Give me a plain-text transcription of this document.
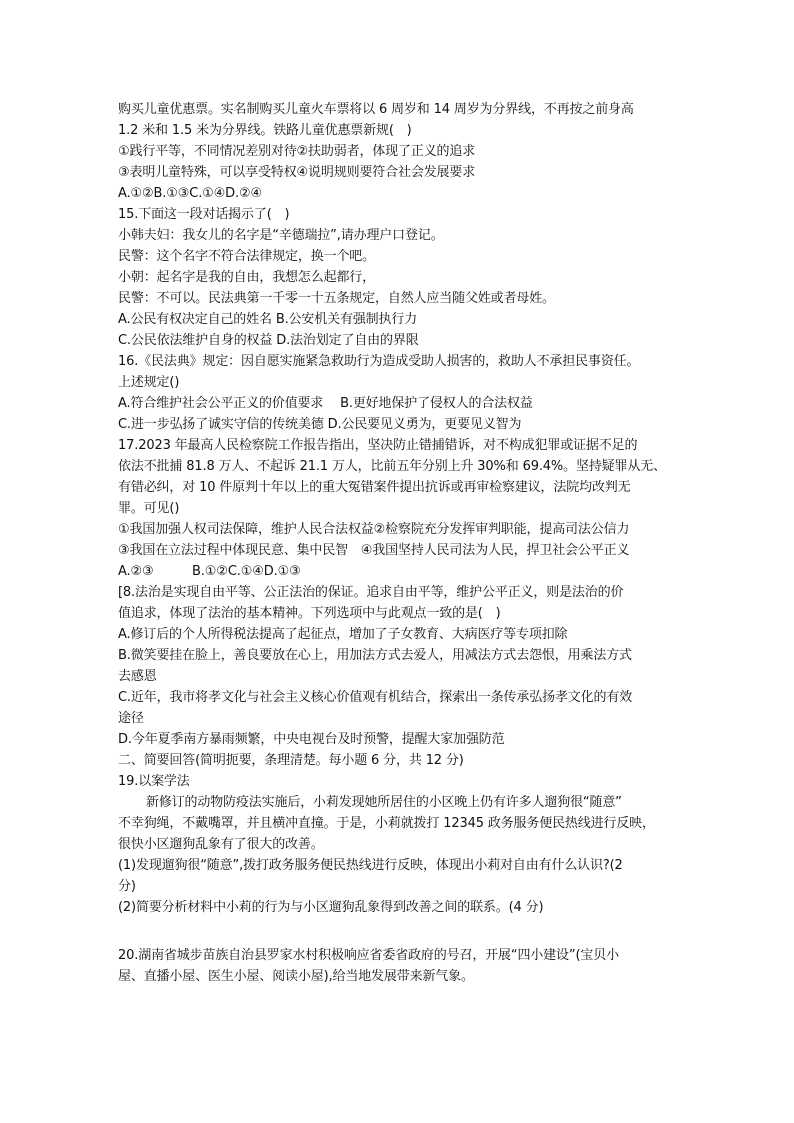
购买儿童优惠票。实名制购买儿童火车票将以 6 周岁和 14 周岁为分界线，不再按之前身高
1.2 米和 1.5 米为分界线。铁路儿童优惠票新规(　)
①践行平等，不同情况差别对待②扶助弱者，体现了正义的追求
③表明儿童特殊，可以享受特权④说明规则要符合社会发展要求
A.①②B.①③C.①④D.②④
15.下面这一段对话揭示了(　)
小韩夫妇：我女儿的名字是“辛德瑞拉”,请办理户口登记。
民警：这个名字不符合法律规定，换一个吧。
小朝：起名字是我的自由，我想怎么起都行，
民警：不可以。民法典第一千零一十五条规定，自然人应当随父姓或者母姓。
A.公民有权决定自己的姓名 B.公安机关有强制执行力
C.公民依法维护自身的权益 D.法治划定了自由的界限
16.《民法典》规定：因自愿实施紧急救助行为造成受助人损害的，救助人不承担民事资任。
上述规定()
A.符合维护社会公平正义的价值要求　 B.更好地保护了侵权人的合法权益
C.进一步弘扬了诚实守信的传统美德 D.公民要见义勇为，更要见义智为
17.2023 年最高人民检察院工作报告指出，坚决防止错捕错诉，对不构成犯罪或证据不足的
依法不批捕 81.8 万人、不起诉 21.1 万人，比前五年分别上升 30%和 69.4%。坚持疑罪从无、
有错必纠，对 10 件原判十年以上的重大冤错案件提出抗诉或再审检察建议，法院均改判无
罪。可见()
①我国加强人权司法保障，维护人民合法权益②检察院充分发挥审判职能，提高司法公信力
③我国在立法过程中体现民意、集中民智　④我国坚持人民司法为人民，捍卫社会公平正义
A.②③　　　B.①②C.①④D.①③
[8.法治是实现自由平等、公正法治的保证。追求自由平等，维护公平正义，则是法治的价
值追求，体现了法治的基本精神。下列选项中与此观点一致的是(　)
A.修订后的个人所得税法提高了起征点，增加了子女教育、大病医疗等专项扣除
B.微笑要挂在脸上，善良要放在心上，用加法方式去爱人，用减法方式去怨恨，用乘法方式
去感恩
C.近年，我市将孝文化与社会主义核心价值观有机结合，探索出一条传承弘扬孝文化的有效
途径
D.今年夏季南方暴雨频繁，中央电视台及时预警，提醒大家加强防范
二、简要回答(简明扼要，条理清楚。每小题 6 分，共 12 分)
19.以案学法
新修订的动物防疫法实施后，小莉发现她所居住的小区晚上仍有许多人遛狗很“随意”
不幸狗绳，不戴嘴罩，并且横冲直撞。于是，小莉就拨打 12345 政务服务便民热线进行反映，
很快小区遛狗乱象有了很大的改善。
(1)发现遛狗很“随意”,拨打政务服务便民热线进行反映，体现出小莉对自由有什么认识?(2
分)
(2)简要分析材料中小莉的行为与小区遛狗乱象得到改善之间的联系。(4 分)
20.湖南省城步苗族自治县罗家水村积极响应省委省政府的号召，开展“四小建设”(宝贝小
屋、直播小屋、医生小屋、阅读小屋),给当地发展带来新气象。
